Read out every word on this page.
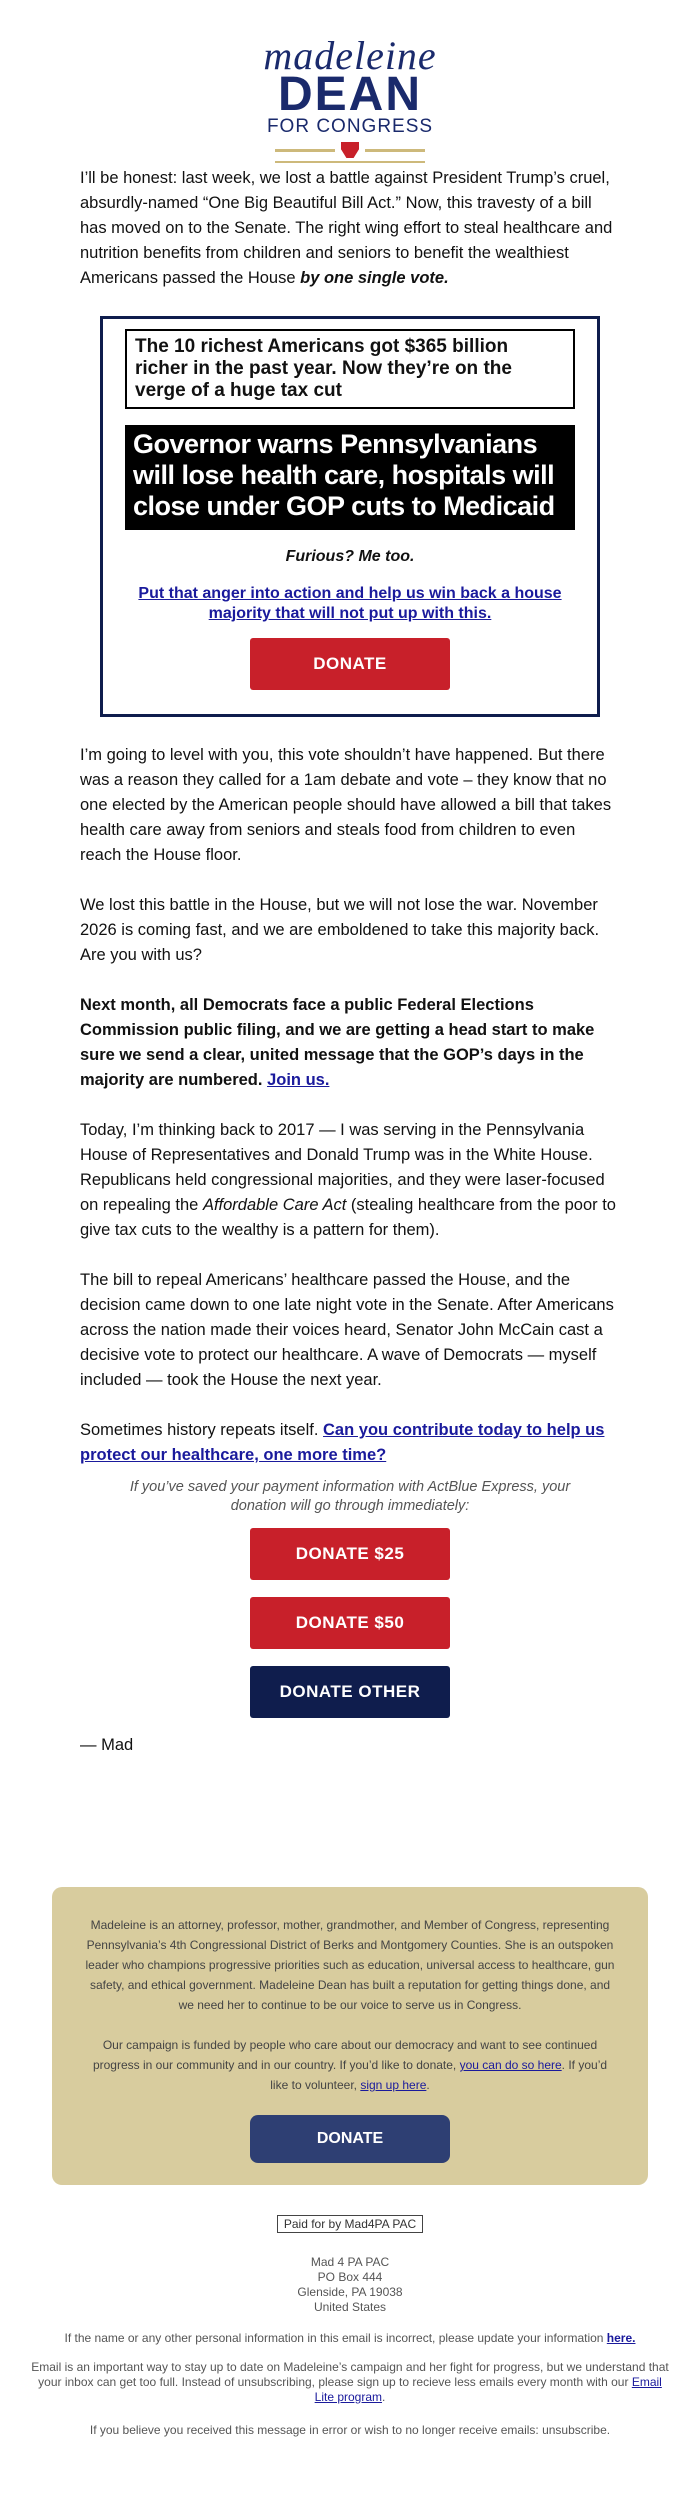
madeleine
DEAN
FOR CONGRESS

I’ll be honest: last week, we lost a battle against President Trump’s cruel, absurdly-named “One Big Beautiful Bill Act.” Now, this travesty of a bill has moved on to the Senate. The right wing effort to steal healthcare and nutrition benefits from children and seniors to benefit the wealthiest Americans passed the House by one single vote.

The 10 richest Americans got $365 billion richer in the past year. Now they’re on the verge of a huge tax cut
Governor warns Pennsylvanians will lose health care, hospitals will close under GOP cuts to Medicaid
Furious? Me too.
Put that anger into action and help us win back a house majority that will not put up with this.
DONATE

I’m going to level with you, this vote shouldn’t have happened. But there was a reason they called for a 1am debate and vote – they know that no one elected by the American people should have allowed a bill that takes health care away from seniors and steals food from children to even reach the House floor.

We lost this battle in the House, but we will not lose the war. November 2026 is coming fast, and we are emboldened to take this majority back. Are you with us?

Next month, all Democrats face a public Federal Elections Commission public filing, and we are getting a head start to make sure we send a clear, united message that the GOP’s days in the majority are numbered. Join us.

Today, I’m thinking back to 2017 — I was serving in the Pennsylvania House of Representatives and Donald Trump was in the White House. Republicans held congressional majorities, and they were laser-focused on repealing the Affordable Care Act (stealing healthcare from the poor to give tax cuts to the wealthy is a pattern for them).

The bill to repeal Americans’ healthcare passed the House, and the decision came down to one late night vote in the Senate. After Americans across the nation made their voices heard, Senator John McCain cast a decisive vote to protect our healthcare. A wave of Democrats — myself included — took the House the next year.

Sometimes history repeats itself. Can you contribute today to help us protect our healthcare, one more time?

If you’ve saved your payment information with ActBlue Express, your donation will go through immediately:
DONATE $25
DONATE $50
DONATE OTHER
— Mad

Madeleine is an attorney, professor, mother, grandmother, and Member of Congress, representing Pennsylvania’s 4th Congressional District of Berks and Montgomery Counties. She is an outspoken leader who champions progressive priorities such as education, universal access to healthcare, gun safety, and ethical government. Madeleine Dean has built a reputation for getting things done, and we need her to continue to be our voice to serve us in Congress.

Our campaign is funded by people who care about our democracy and want to see continued progress in our community and in our country. If you’d like to donate, you can do so here. If you’d like to volunteer, sign up here.

DONATE
Paid for by Mad4PA PAC
Mad 4 PA PAC
PO Box 444
Glenside, PA 19038
United States
If the name or any other personal information in this email is incorrect, please update your information here.
Email is an important way to stay up to date on Madeleine’s campaign and her fight for progress, but we understand that your inbox can get too full. Instead of unsubscribing, please sign up to recieve less emails every month with our Email Lite program.
If you believe you received this message in error or wish to no longer receive emails: unsubscribe.
